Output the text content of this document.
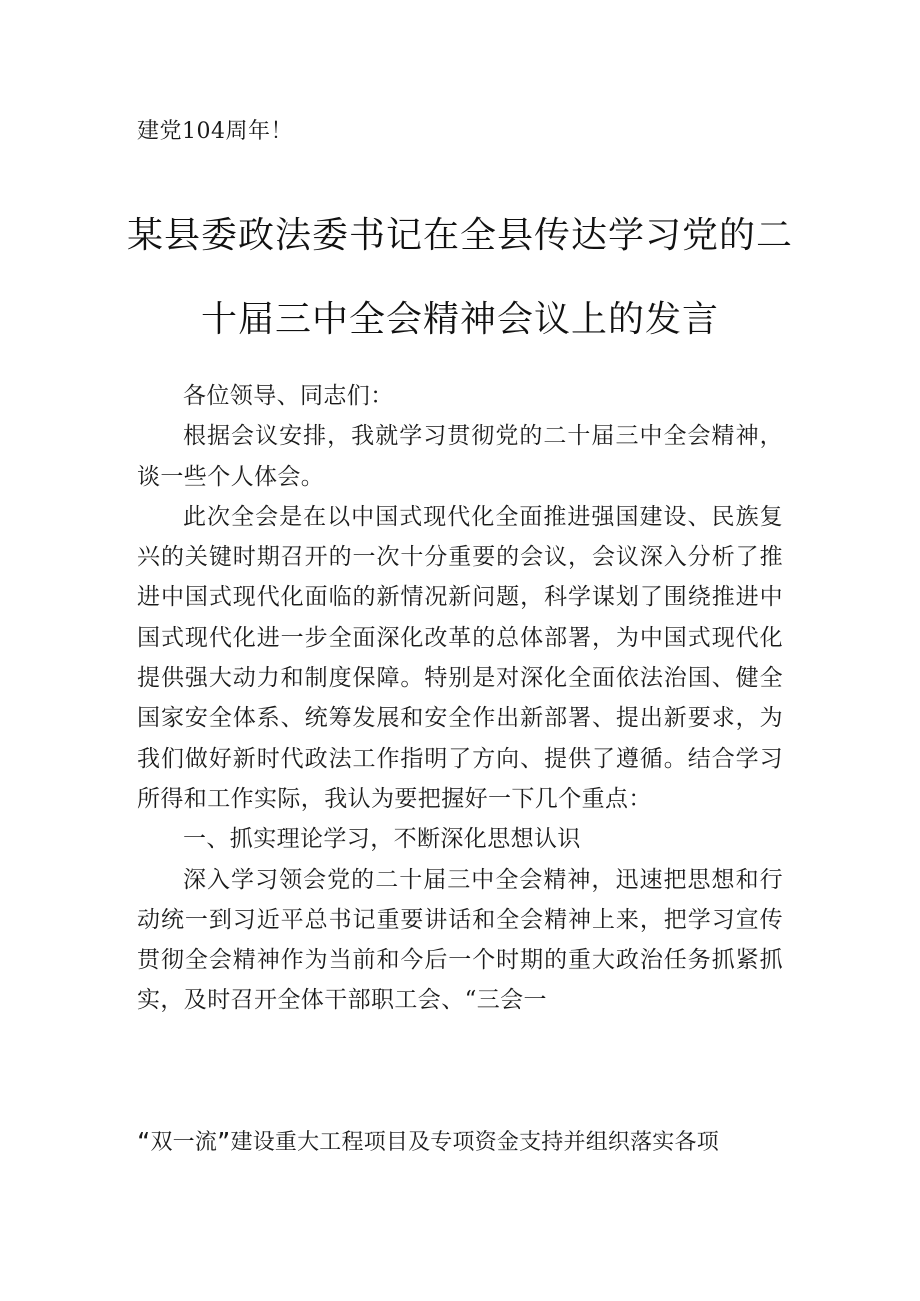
建党104周年！
某县委政法委书记在全县传达学习党的二
十届三中全会精神会议上的发言

各位领导、同志们：

根据会议安排，我就学习贯彻党的二十届三中全会精神，谈一些个人体会。

此次全会是在以中国式现代化全面推进强国建设、民族复兴的关键时期召开的一次十分重要的会议，会议深入分析了推进中国式现代化面临的新情况新问题，科学谋划了围绕推进中国式现代化进一步全面深化改革的总体部署，为中国式现代化提供强大动力和制度保障。特别是对深化全面依法治国、健全国家安全体系、统筹发展和安全作出新部署、提出新要求，为我们做好新时代政法工作指明了方向、提供了遵循。结合学习所得和工作实际，我认为要把握好一下几个重点：

一、抓实理论学习，不断深化思想认识

深入学习领会党的二十届三中全会精神，迅速把思想和行动统一到习近平总书记重要讲话和全会精神上来，把学习宣传贯彻全会精神作为当前和今后一个时期的重大政治任务抓紧抓实，及时召开全体干部职工会、“三会一

“双一流”建设重大工程项目及专项资金支持并组织落实各项
